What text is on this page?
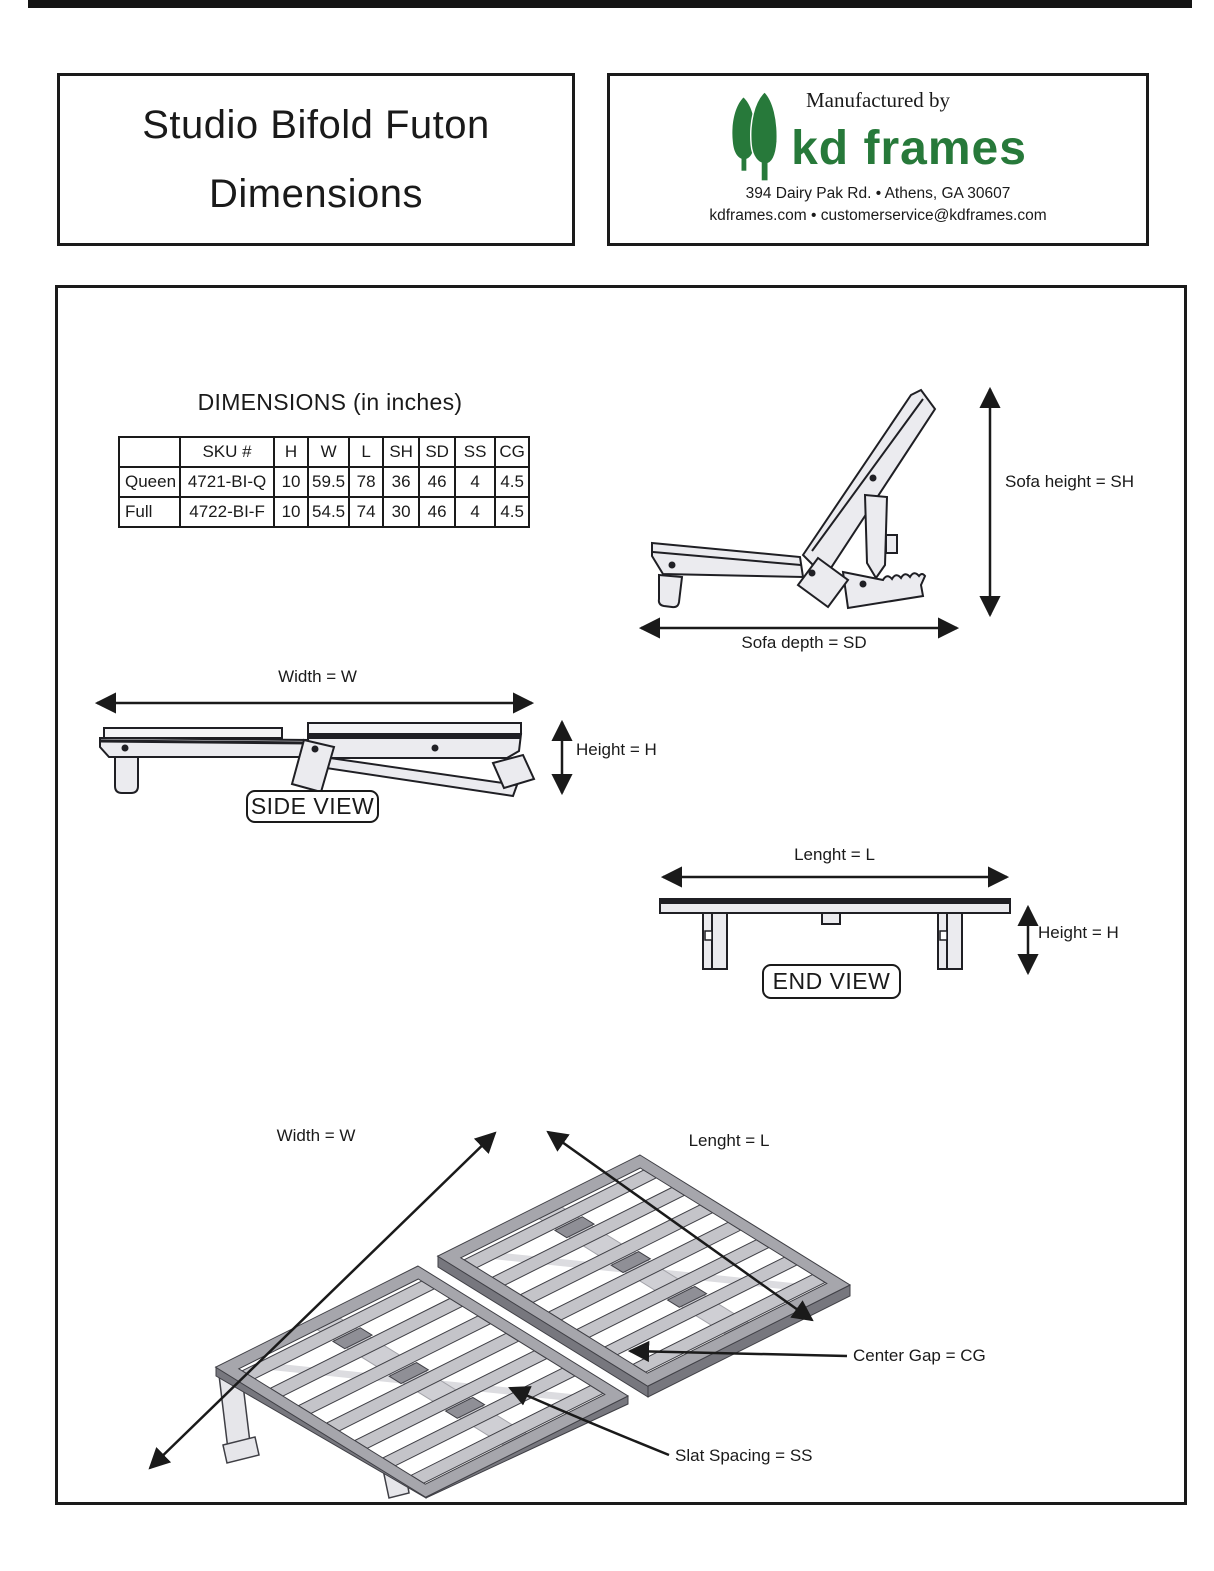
Studio Bifold Futon
Dimensions
Manufactured by
kd frames
394 Dairy Pak Rd. • Athens, GA 30607
kdframes.com • customerservice@kdframes.com
DIMENSIONS (in inches)
	SKU #	H	W	L	SH	SD	SS	CG
Queen	4721-BI-Q	10	59.5	78	36	46	4	4.5
Full	4722-BI-F	10	54.5	74	30	46	4	4.5
Sofa height = SH
Sofa depth = SD
Width = W
Height = H
SIDE VIEW
Lenght = L
Height = H
END VIEW
Width = W	Lenght = L
Center Gap = CG
Slat Spacing = SS
